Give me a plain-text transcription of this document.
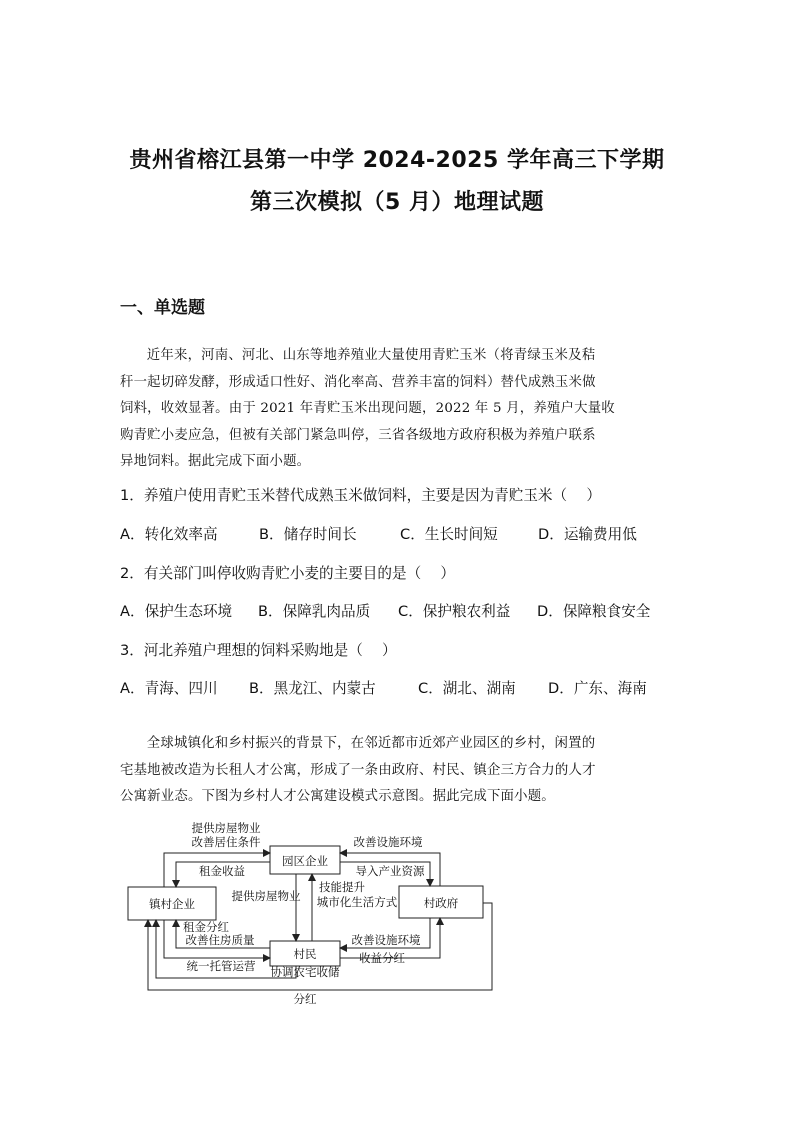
贵州省榕江县第一中学 2024-2025 学年高三下学期
第三次模拟（5 月）地理试题
一、单选题
近年来，河南、河北、山东等地养殖业大量使用青贮玉米（将青绿玉米及秸
秆一起切碎发酵，形成适口性好、消化率高、营养丰富的饲料）替代成熟玉米做
饲料，收效显著。由于 2021 年青贮玉米出现问题，2022 年 5 月，养殖户大量收
购青贮小麦应急，但被有关部门紧急叫停，三省各级地方政府积极为养殖户联系
异地饲料。据此完成下面小题。
1．养殖户使用青贮玉米替代成熟玉米做饲料，主要是因为青贮玉米（　 ）
A．转化效率高	B．储存时间长	C．生长时间短	D．运输费用低
2．有关部门叫停收购青贮小麦的主要目的是（　 ）
A．保护生态环境 B．保障乳肉品质 C．保护粮农利益 D．保障粮食安全
3．河北养殖户理想的饲料采购地是（　 ）
A．青海、四川 B．黑龙江、内蒙古	C．湖北、湖南 D．广东、海南
全球城镇化和乡村振兴的背景下，在邻近都市近郊产业园区的乡村，闲置的
宅基地被改造为长租人才公寓，形成了一条由政府、村民、镇企三方合力的人才
公寓新业态。下图为乡村人才公寓建设模式示意图。据此完成下面小题。
园区企业
镇村企业	村政府
村民
提供房屋物业
改善居住条件
租金收益
改善设施环境
导入产业资源
提供房屋物业
技能提升
城市化生活方式
租金分红
改善住房质量
统一托管运营 协调农宅收储
改善设施环境
收益分红
分红
